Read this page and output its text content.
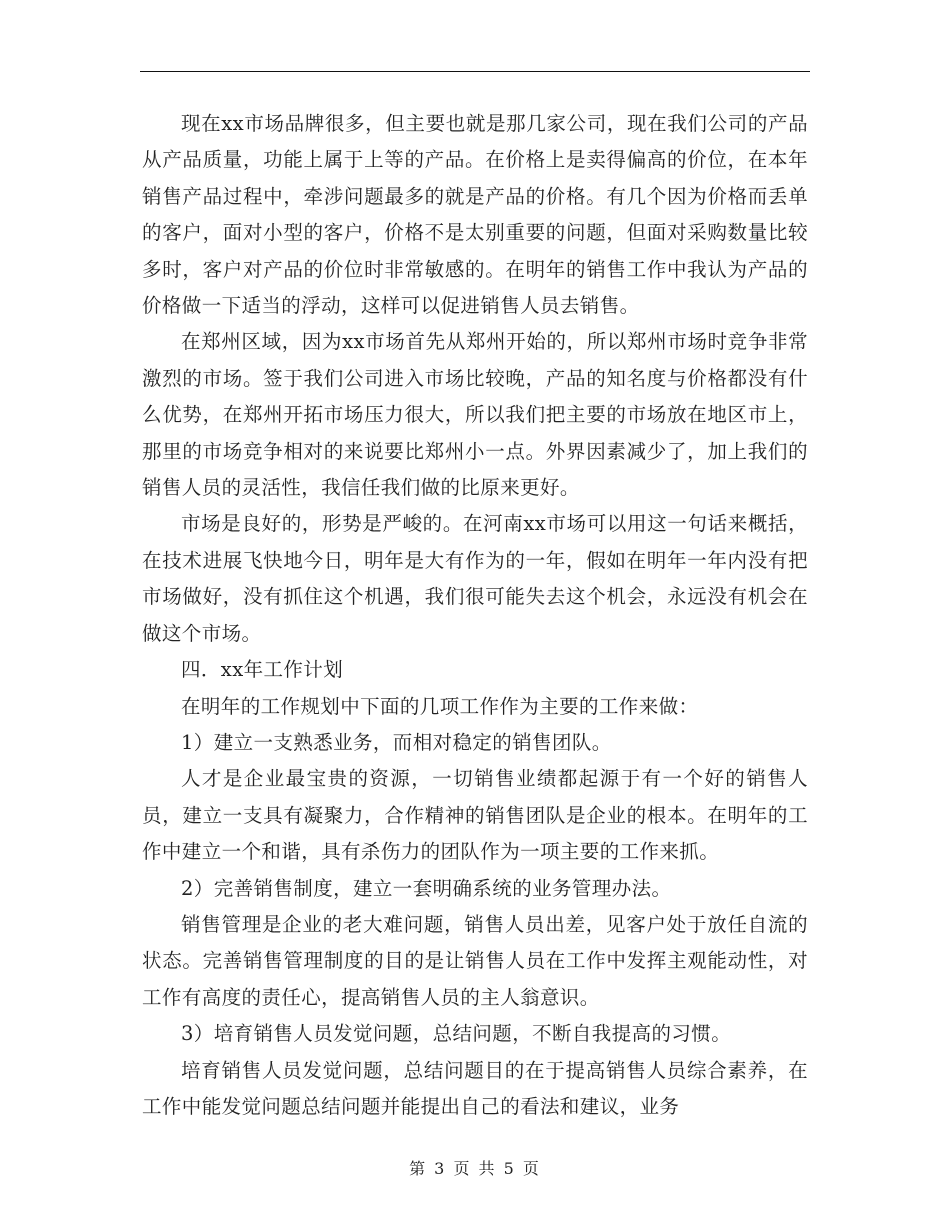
现在xx市场品牌很多，但主要也就是那几家公司，现在我们公司的产品从产品质量，功能上属于上等的产品。在价格上是卖得偏高的价位，在本年销售产品过程中，牵涉问题最多的就是产品的价格。有几个因为价格而丢单的客户，面对小型的客户，价格不是太别重要的问题，但面对采购数量比较多时，客户对产品的价位时非常敏感的。在明年的销售工作中我认为产品的价格做一下适当的浮动，这样可以促进销售人员去销售。

在郑州区域，因为xx市场首先从郑州开始的，所以郑州市场时竞争非常激烈的市场。签于我们公司进入市场比较晚，产品的知名度与价格都没有什么优势，在郑州开拓市场压力很大，所以我们把主要的市场放在地区市上，那里的市场竞争相对的来说要比郑州小一点。外界因素减少了，加上我们的销售人员的灵活性，我信任我们做的比原来更好。

市场是良好的，形势是严峻的。在河南xx市场可以用这一句话来概括，在技术进展飞快地今日，明年是大有作为的一年，假如在明年一年内没有把市场做好，没有抓住这个机遇，我们很可能失去这个机会，永远没有机会在做这个市场。

四．xx年工作计划

在明年的工作规划中下面的几项工作作为主要的工作来做：

1）建立一支熟悉业务，而相对稳定的销售团队。

人才是企业最宝贵的资源，一切销售业绩都起源于有一个好的销售人员，建立一支具有凝聚力，合作精神的销售团队是企业的根本。在明年的工作中建立一个和谐，具有杀伤力的团队作为一项主要的工作来抓。

2）完善销售制度，建立一套明确系统的业务管理办法。

销售管理是企业的老大难问题，销售人员出差，见客户处于放任自流的状态。完善销售管理制度的目的是让销售人员在工作中发挥主观能动性，对工作有高度的责任心，提高销售人员的主人翁意识。

3）培育销售人员发觉问题，总结问题，不断自我提高的习惯。

培育销售人员发觉问题，总结问题目的在于提高销售人员综合素养，在工作中能发觉问题总结问题并能提出自己的看法和建议，业务

第 3 页 共 5 页
